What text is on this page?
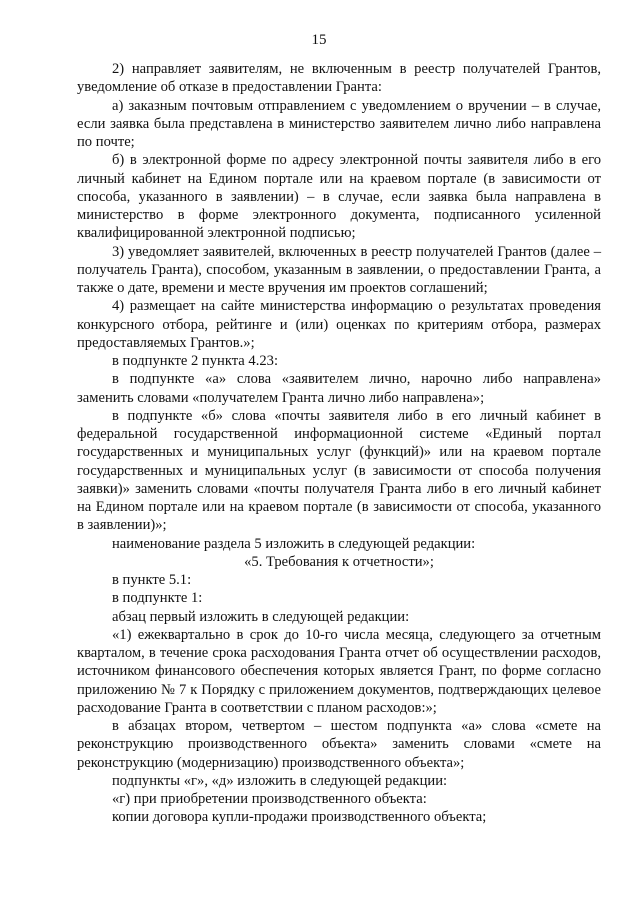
15

2) направляет заявителям, не включенным в реестр получателей Грантов, уведомление об отказе в предоставлении Гранта:

а) заказным почтовым отправлением с уведомлением о вручении – в случае, если заявка была представлена в министерство заявителем лично либо направлена по почте;

б) в электронной форме по адресу электронной почты заявителя либо в его личный кабинет на Едином портале или на краевом портале (в зависимости от способа, указанного в заявлении) – в случае, если заявка была направлена в министерство в форме электронного документа, подписанного усиленной квалифицированной электронной подписью;

3) уведомляет заявителей, включенных в реестр получателей Грантов (далее – получатель Гранта), способом, указанным в заявлении, о предоставлении Гранта, а также о дате, времени и месте вручения им проектов соглашений;

4) размещает на сайте министерства информацию о результатах проведения конкурсного отбора, рейтинге и (или) оценках по критериям отбора, размерах предоставляемых Грантов.»;

в подпункте 2 пункта 4.23:

в подпункте «а» слова «заявителем лично, нарочно либо направлена» заменить словами «получателем Гранта лично либо направлена»;

в подпункте «б» слова «почты заявителя либо в его личный кабинет в федеральной государственной информационной системе «Единый портал государственных и муниципальных услуг (функций)» или на краевом портале государственных и муниципальных услуг (в зависимости от способа получения заявки)» заменить словами «почты получателя Гранта либо в его личный кабинет на Едином портале или на краевом портале (в зависимости от способа, указанного в заявлении)»;

наименование раздела 5 изложить в следующей редакции:

«5. Требования к отчетности»;

в пункте 5.1:

в подпункте 1:

абзац первый изложить в следующей редакции:

«1) ежеквартально в срок до 10-го числа месяца, следующего за отчетным кварталом, в течение срока расходования Гранта отчет об осуществлении расходов, источником финансового обеспечения которых является Грант, по форме согласно приложению № 7 к Порядку с приложением документов, подтверждающих целевое расходование Гранта в соответствии с планом расходов:»;

в абзацах втором, четвертом – шестом подпункта «а» слова «смете на реконструкцию производственного объекта» заменить словами «смете на реконструкцию (модернизацию) производственного объекта»;

подпункты «г», «д» изложить в следующей редакции:

«г) при приобретении производственного объекта:

копии договора купли-продажи производственного объекта;
